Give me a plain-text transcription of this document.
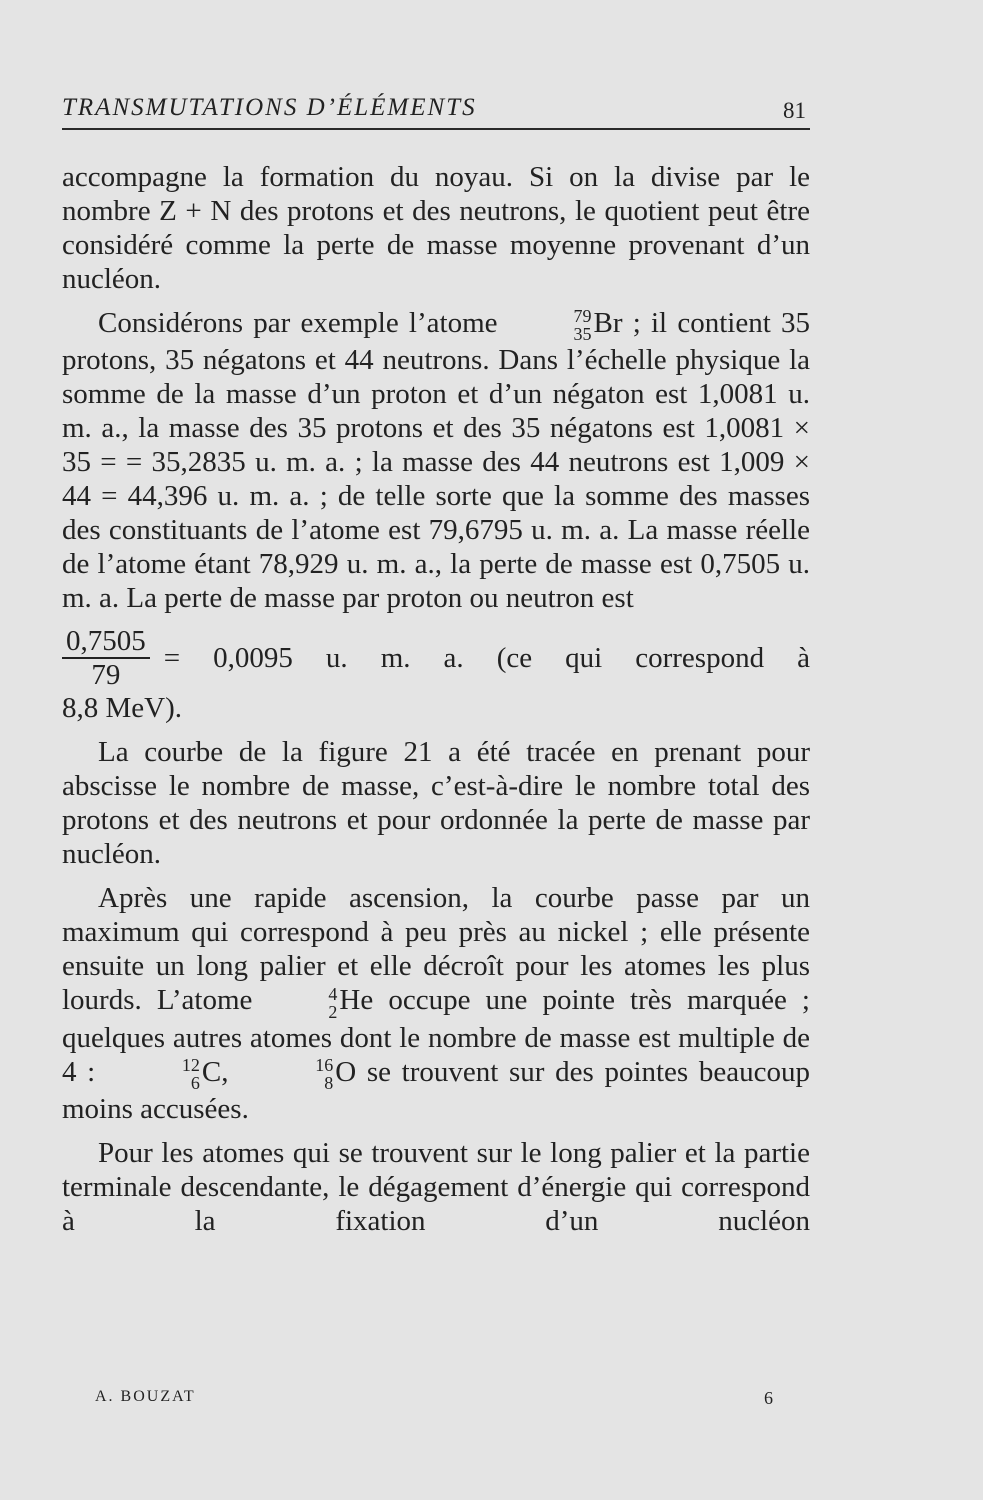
TRANSMUTATIONS D’ÉLÉMENTS	81

accompagne la formation du noyau. Si on la divise par le nombre Z + N des protons et des neutrons, le quotient peut être considéré comme la perte de masse moyenne provenant d’un nucléon.

Considérons par exemple l’atome	79
35 Br ; il contient 35 protons, 35 négatons et 44 neutrons. Dans l’échelle physique la somme de la masse d’un proton et d’un négaton est 1,0081 u. m. a., la masse des 35 protons et des 35 négatons est 1,0081 × 35 = = 35,2835 u. m. a. ; la masse des 44 neutrons est 1,009 × 44 = 44,396 u. m. a. ; de telle sorte que la somme des masses des constituants de l’atome est 79,6795 u. m. a. La masse réelle de l’atome étant 78,929 u. m. a., la perte de masse est 0,7505 u. m. a. La perte de masse par proton ou neutron est

$\frac{0,7505}{79} = 0,0095$ u. m. a. (ce qui correspond à

8,8 MeV).

La courbe de la figure 21 a été tracée en prenant pour abscisse le nombre de masse, c’est-à-dire le nombre total des protons et des neutrons et pour ordonnée la perte de masse par nucléon.

Après une rapide ascension, la courbe passe par un maximum qui correspond à peu près au nickel ; elle présente ensuite un long palier et elle décroît pour les atomes les plus lourds. L’atome	4
2 He occupe une pointe très marquée ; quelques autres atomes dont le nombre de masse est multiple de 4 :	12
6 C,	16
8 O se trouvent sur des pointes beaucoup moins accusées.

Pour les atomes qui se trouvent sur le long palier et la partie terminale descendante, le dégagement d’énergie qui correspond à la fixation d’un nucléon

A. BOUZAT	6
